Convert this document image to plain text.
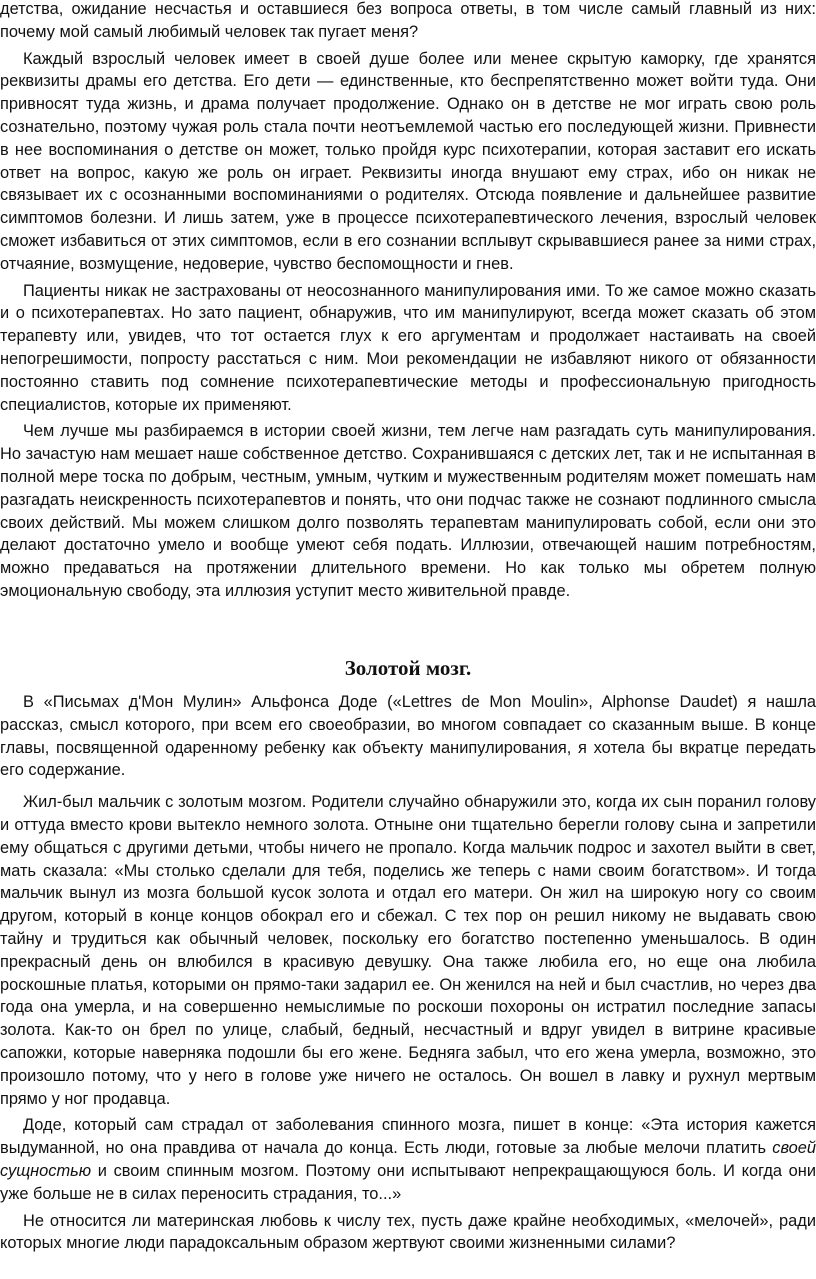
детства, ожидание несчастья и оставшиеся без вопроса ответы, в том числе самый главный из них: почему мой самый любимый человек так пугает меня?

Каждый взрослый человек имеет в своей душе более или менее скрытую каморку, где хранятся реквизиты драмы его детства. Его дети — единственные, кто беспрепятственно может войти туда. Они привносят туда жизнь, и драма получает продолжение. Однако он в детстве не мог играть свою роль сознательно, поэтому чужая роль стала почти неотъемлемой частью его последующей жизни. Привнести в нее воспоминания о детстве он может, только пройдя курс психотерапии, которая заставит его искать ответ на вопрос, какую же роль он играет. Реквизиты иногда внушают ему страх, ибо он никак не связывает их с осознанными воспоминаниями о родителях. Отсюда появление и дальнейшее развитие симптомов болезни. И лишь затем, уже в процессе психотерапевтического лечения, взрослый человек сможет избавиться от этих симптомов, если в его сознании всплывут скрывавшиеся ранее за ними страх, отчаяние, возмущение, недоверие, чувство беспомощности и гнев.

Пациенты никак не застрахованы от неосознанного манипулирования ими. То же самое можно сказать и о психотерапевтах. Но зато пациент, обнаружив, что им манипулируют, всегда может сказать об этом терапевту или, увидев, что тот остается глух к его аргументам и продолжает настаивать на своей непогрешимости, попросту расстаться с ним. Мои рекомендации не избавляют никого от обязанности постоянно ставить под сомнение психотерапевтические методы и профессиональную пригодность специалистов, которые их применяют.

Чем лучше мы разбираемся в истории своей жизни, тем легче нам разгадать суть манипулирования. Но зачастую нам мешает наше собственное детство. Сохранившаяся с детских лет, так и не испытанная в полной мере тоска по добрым, честным, умным, чутким и мужественным родителям может помешать нам разгадать неискренность психотерапевтов и понять, что они подчас также не сознают подлинного смысла своих действий. Мы можем слишком долго позволять терапевтам манипулировать собой, если они это делают достаточно умело и вообще умеют себя подать. Иллюзии, отвечающей нашим потребностям, можно предаваться на протяжении длительного времени. Но как только мы обретем полную эмоциональную свободу, эта иллюзия уступит место живительной правде.

Золотой мозг.

В «Письмах д'Мон Мулин» Альфонса Доде («Lettres de Mon Moulin», Alphonse Daudet) я нашла рассказ, смысл которого, при всем его своеобразии, во многом совпадает со сказанным выше. В конце главы, посвященной одаренному ребенку как объекту манипулирования, я хотела бы вкратце передать его содержание.

Жил-был мальчик с золотым мозгом. Родители случайно обнаружили это, когда их сын поранил голову и оттуда вместо крови вытекло немного золота. Отныне они тщательно берегли голову сына и запретили ему общаться с другими детьми, чтобы ничего не пропало. Когда мальчик подрос и захотел выйти в свет, мать сказала: «Мы столько сделали для тебя, поделись же теперь с нами своим богатством». И тогда мальчик вынул из мозга большой кусок золота и отдал его матери. Он жил на широкую ногу со своим другом, который в конце концов обокрал его и сбежал. С тех пор он решил никому не выдавать свою тайну и трудиться как обычный человек, поскольку его богатство постепенно уменьшалось. В один прекрасный день он влюбился в красивую девушку. Она также любила его, но еще она любила роскошные платья, которыми он прямо-таки задарил ее. Он женился на ней и был счастлив, но через два года она умерла, и на совершенно немыслимые по роскоши похороны он истратил последние запасы золота. Как-то он брел по улице, слабый, бедный, несчастный и вдруг увидел в витрине красивые сапожки, которые наверняка подошли бы его жене. Бедняга забыл, что его жена умерла, возможно, это произошло потому, что у него в голове уже ничего не осталось. Он вошел в лавку и рухнул мертвым прямо у ног продавца.

Доде, который сам страдал от заболевания спинного мозга, пишет в конце: «Эта история кажется выдуманной, но она правдива от начала до конца. Есть люди, готовые за любые мелочи платить своей сущностью и своим спинным мозгом. Поэтому они испытывают непрекращающуюся боль. И когда они уже больше не в силах переносить страдания, то...»

Не относится ли материнская любовь к числу тех, пусть даже крайне необходимых, «мелочей», ради которых многие люди парадоксальным образом жертвуют своими жизненными силами?
